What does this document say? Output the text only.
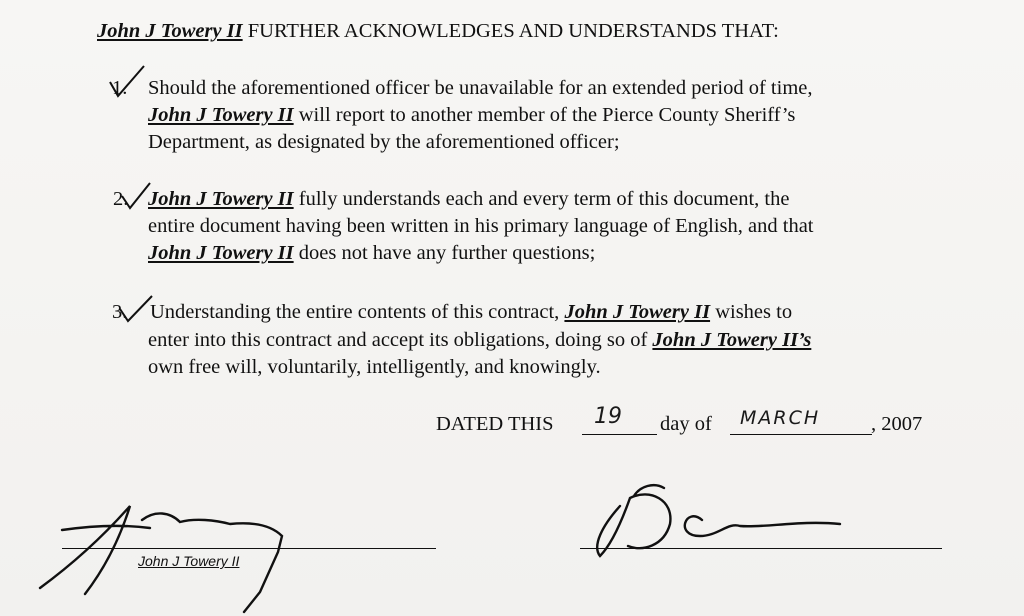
John J Towery II FURTHER ACKNOWLEDGES AND UNDERSTANDS THAT:
1. Should the aforementioned officer be unavailable for an extended period of time,
John J Towery II will report to another member of the Pierce County Sheriff’s
Department, as designated by the aforementioned officer;
2. John J Towery II fully understands each and every term of this document, the
entire document having been written in his primary language of English, and that
John J Towery II does not have any further questions;
3. Understanding the entire contents of this contract, John J Towery II wishes to
enter into this contract and accept its obligations, doing so of John J Towery II’s
own free will, voluntarily, intelligently, and knowingly.
DATED THIS 19 day of MARCH , 2007
John J Towery II
